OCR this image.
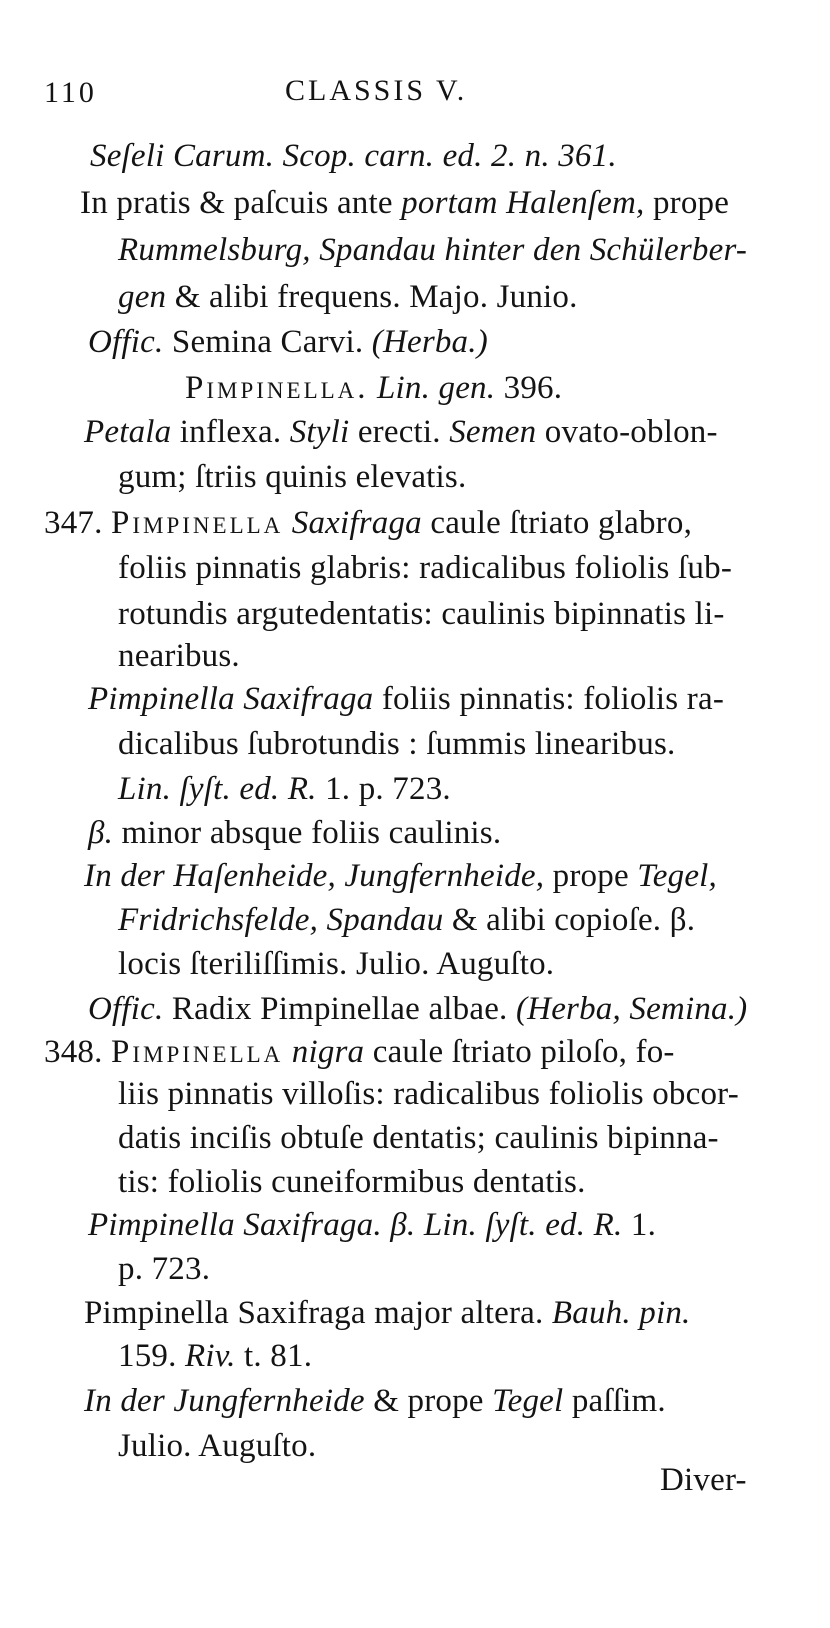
110	CLASSIS V.
Seſeli Carum. Scop. carn. ed. 2. n. 361.
In pratis & paſcuis ante portam Halenſem, prope
Rummelsburg, Spandau hinter den Schülerber-
gen & alibi frequens. Majo. Junio.
Offic. Semina Carvi. (Herba.)
Pimpinella. Lin. gen. 396.
Petala inflexa. Styli erecti. Semen ovato-oblon-
gum; ſtriis quinis elevatis.
347. Pimpinella Saxifraga caule ſtriato glabro,
foliis pinnatis glabris: radicalibus foliolis ſub-
rotundis argutedentatis: caulinis bipinnatis li-
nearibus.
Pimpinella Saxifraga foliis pinnatis: foliolis ra-
dicalibus ſubrotundis : ſummis linearibus.
Lin. ſyſt. ed. R. 1. p. 723.
β. minor absque foliis caulinis.
In der Haſenheide, Jungfernheide, prope Tegel,
Fridrichsfelde, Spandau & alibi copioſe. β.
locis ſteriliſſimis. Julio. Auguſto.
Offic. Radix Pimpinellae albae. (Herba, Semina.)
348. Pimpinella nigra caule ſtriato piloſo, fo-
liis pinnatis villoſis: radicalibus foliolis obcor-
datis inciſis obtuſe dentatis; caulinis bipinna-
tis: foliolis cuneiformibus dentatis.
Pimpinella Saxifraga. β. Lin. ſyſt. ed. R. 1.
p. 723.
Pimpinella Saxifraga major altera. Bauh. pin.
159. Riv. t. 81.
In der Jungfernheide & prope Tegel paſſim.
Julio. Auguſto.
Diver-
